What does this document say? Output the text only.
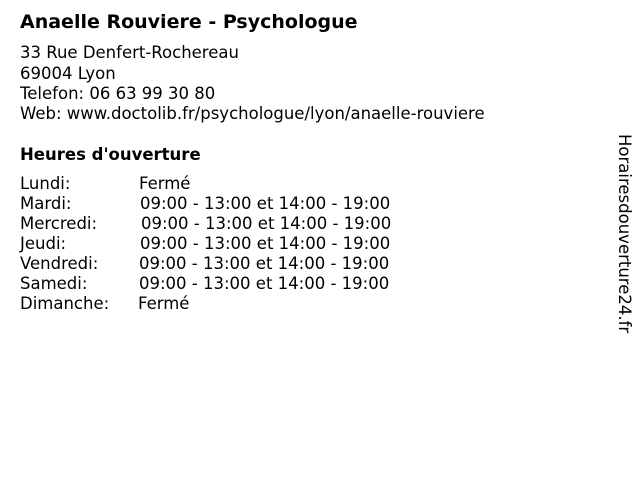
Anaelle Rouviere - Psychologue
33 Rue Denfert-Rochereau
69004 Lyon
Telefon: 06 63 99 30 80
Web: www.doctolib.fr/psychologue/lyon/anaelle-rouviere
Heures d'ouverture
Lundi:	Fermé
Mardi:	09:00 - 13:00 et 14:00 - 19:00
Mercredi:	09:00 - 13:00 et 14:00 - 19:00
Jeudi:	09:00 - 13:00 et 14:00 - 19:00
Vendredi: 09:00 - 13:00 et 14:00 - 19:00
Samedi:	09:00 - 13:00 et 14:00 - 19:00
Dimanche: Fermé	Horairesdouverture24.fr
